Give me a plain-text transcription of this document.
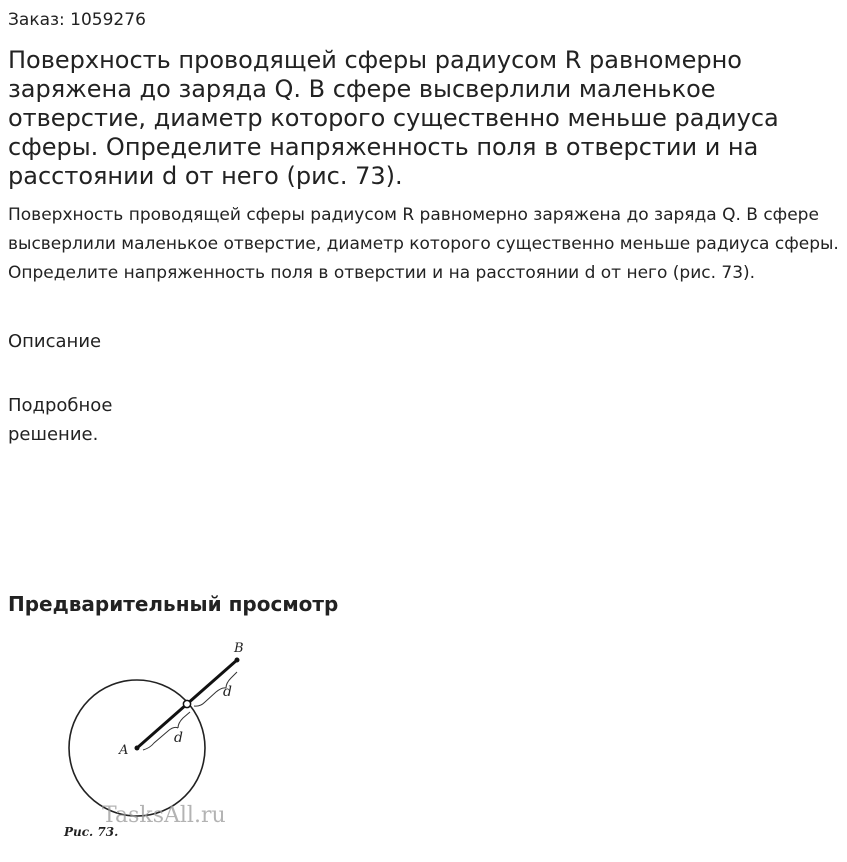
Заказ: 1059276
Поверхность проводящей сферы радиусом R равномерно заряжена до заряда Q. В сфере высверлили маленькое отверстие, диаметр которого существенно меньше радиуса сферы. Определите напряженность поля в отверстии и на расстоянии d от него (рис. 73).

Поверхность проводящей сферы радиусом R равномерно заряжена до заряда Q. В сфере высверлили маленькое отверстие, диаметр которого существенно меньше радиуса сферы. Определите напряженность поля в отверстии и на расстоянии d от него (рис. 73).

Описание
Подробное решение.
Предварительный просмотр
A
B
d
d
TasksAll.ru
Рис. 73.
